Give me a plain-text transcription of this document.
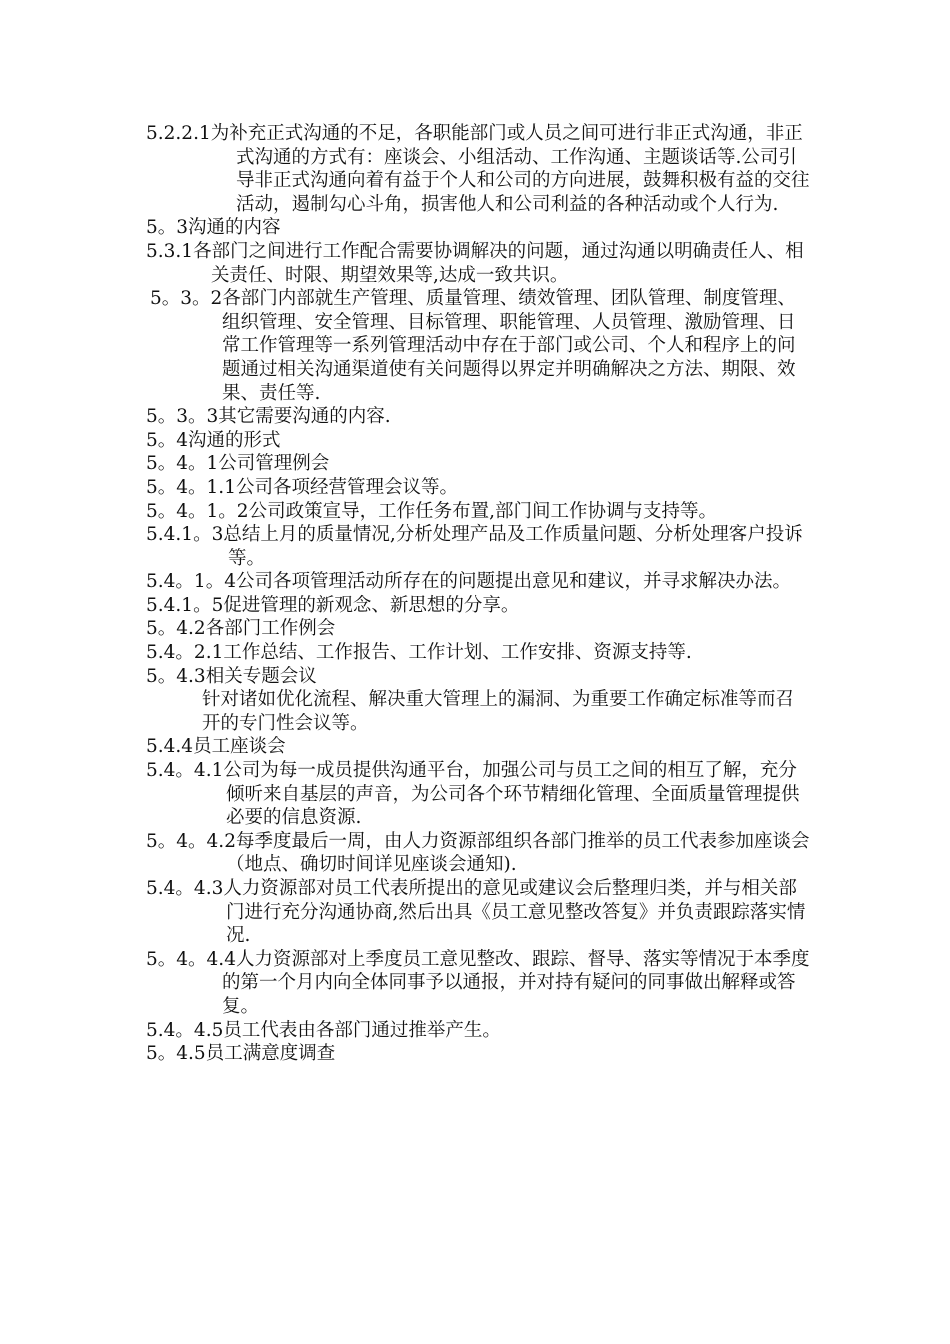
5.2.2.1为补充正式沟通的不足，各职能部门或人员之间可进行非正式沟通，非正式沟通的方式有：座谈会、小组活动、工作沟通、主题谈话等.公司引导非正式沟通向着有益于个人和公司的方向进展，鼓舞积极有益的交往活动，遏制勾心斗角，损害他人和公司利益的各种活动或个人行为.

5。3沟通的内容

5.3.1各部门之间进行工作配合需要协调解决的问题，通过沟通以明确责任人、相关责任、时限、期望效果等,达成一致共识。

5。3。2各部门内部就生产管理、质量管理、绩效管理、团队管理、制度管理、组织管理、安全管理、目标管理、职能管理、人员管理、激励管理、日常工作管理等一系列管理活动中存在于部门或公司、个人和程序上的问题通过相关沟通渠道使有关问题得以界定并明确解决之方法、期限、效果、责任等.

5。3。3其它需要沟通的内容.

5。4沟通的形式

5。4。1公司管理例会

5。4。1.1公司各项经营管理会议等。

5。4。1。2公司政策宣导，工作任务布置,部门间工作协调与支持等。

5.4.1。3总结上月的质量情况,分析处理产品及工作质量问题、分析处理客户投诉等。

5.4。1。4公司各项管理活动所存在的问题提出意见和建议，并寻求解决办法。

5.4.1。5促进管理的新观念、新思想的分享。

5。4.2各部门工作例会

5.4。2.1工作总结、工作报告、工作计划、工作安排、资源支持等.

5。4.3相关专题会议

针对诸如优化流程、解决重大管理上的漏洞、为重要工作确定标准等而召开的专门性会议等。

5.4.4员工座谈会

5.4。4.1公司为每一成员提供沟通平台，加强公司与员工之间的相互了解，充分倾听来自基层的声音，为公司各个环节精细化管理、全面质量管理提供必要的信息资源.

5。4。4.2每季度最后一周，由人力资源部组织各部门推举的员工代表参加座谈会（地点、确切时间详见座谈会通知).

5.4。4.3人力资源部对员工代表所提出的意见或建议会后整理归类，并与相关部门进行充分沟通协商,然后出具《员工意见整改答复》并负责跟踪落实情况.

5。4。4.4人力资源部对上季度员工意见整改、跟踪、督导、落实等情况于本季度的第一个月内向全体同事予以通报，并对持有疑问的同事做出解释或答复。

5.4。4.5员工代表由各部门通过推举产生。

5。4.5员工满意度调查
